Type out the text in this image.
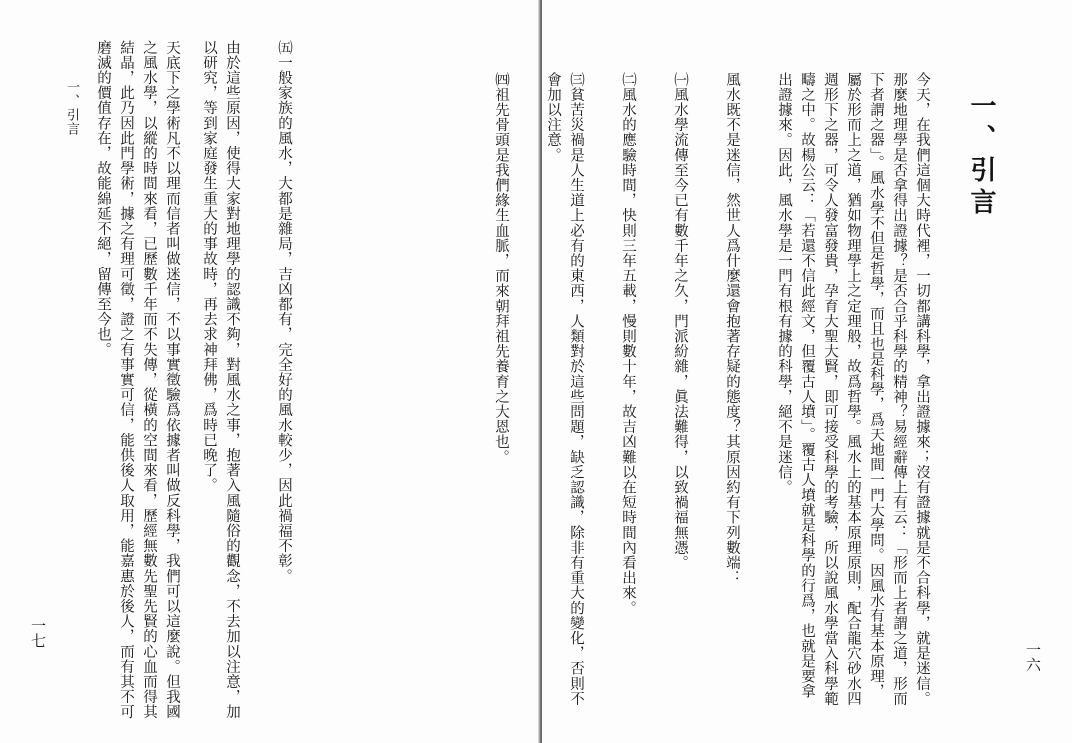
一、引言	㈤一般家族的風水，大都是雜局，吉凶都有，完全好的風水較少，因此禍福不彰。

由於這些原因，使得大家對地理學的認識不夠，對風水之事，抱著入風隨俗的觀念，不去加以注意，加以研究，等到家庭發生重大的事故時，再去求神拜佛，爲時已晚了。

天底下之學術凡不以理而信者叫做迷信，不以事實徵驗爲依據者叫做反科學，我們可以這麼說。但我國之風水學，以縱的時間來看，已歷數千年而不失傳，從橫的空間來看，歷經無數先聖先賢的心血而得其結晶，此乃因此門學術，據之有理可徵，證之有事實可信，能供後人取用，能嘉惠於後人，而有其不可磨滅的價值存在，故能綿延不絕，留傳至今也。

一七
一、引言

今天，在我們這個大時代裡，一切都講科學，拿出證據來；沒有證據就是不合科學，就是迷信。那麼地理學是否拿得出證據？是否合乎科學的精神？易經辭傳上有云：「形而上者謂之道，形而下者謂之器」。風水學不但是哲學，而且也是科學，爲天地間一門大學問。因風水有基本原理，屬於形而上之道，猶如物理學上之定理般，故爲哲學。風水上的基本原理原則，配合龍穴砂水四週形下之器，可令人發富發貴，孕育大聖大賢，即可接受科學的考驗，所以說風水學當入科學範疇之中。故楊公云：「若還不信此經文，但覆古人墳」。覆古人墳就是科學的行爲，也就是要拿出證據來。因此，風水學是一門有根有據的科學，絕不是迷信。

風水既不是迷信，然世人爲什麼還會抱著存疑的態度？其原因約有下列數端：

㈠風水學流傳至今已有數千年之久，門派紛雜，眞法難得，以致禍福無憑。

㈡風水的應驗時間，快則三年五載，慢則數十年，故吉凶難以在短時間內看出來。

㈢貧苦災禍是人生道上必有的東西，人類對於這些問題，缺乏認識，除非有重大的變化，否則不會加以注意。

㈣祖先骨頭是我們緣生血脈，而來朝拜祖先養育之大恩也。

一六
